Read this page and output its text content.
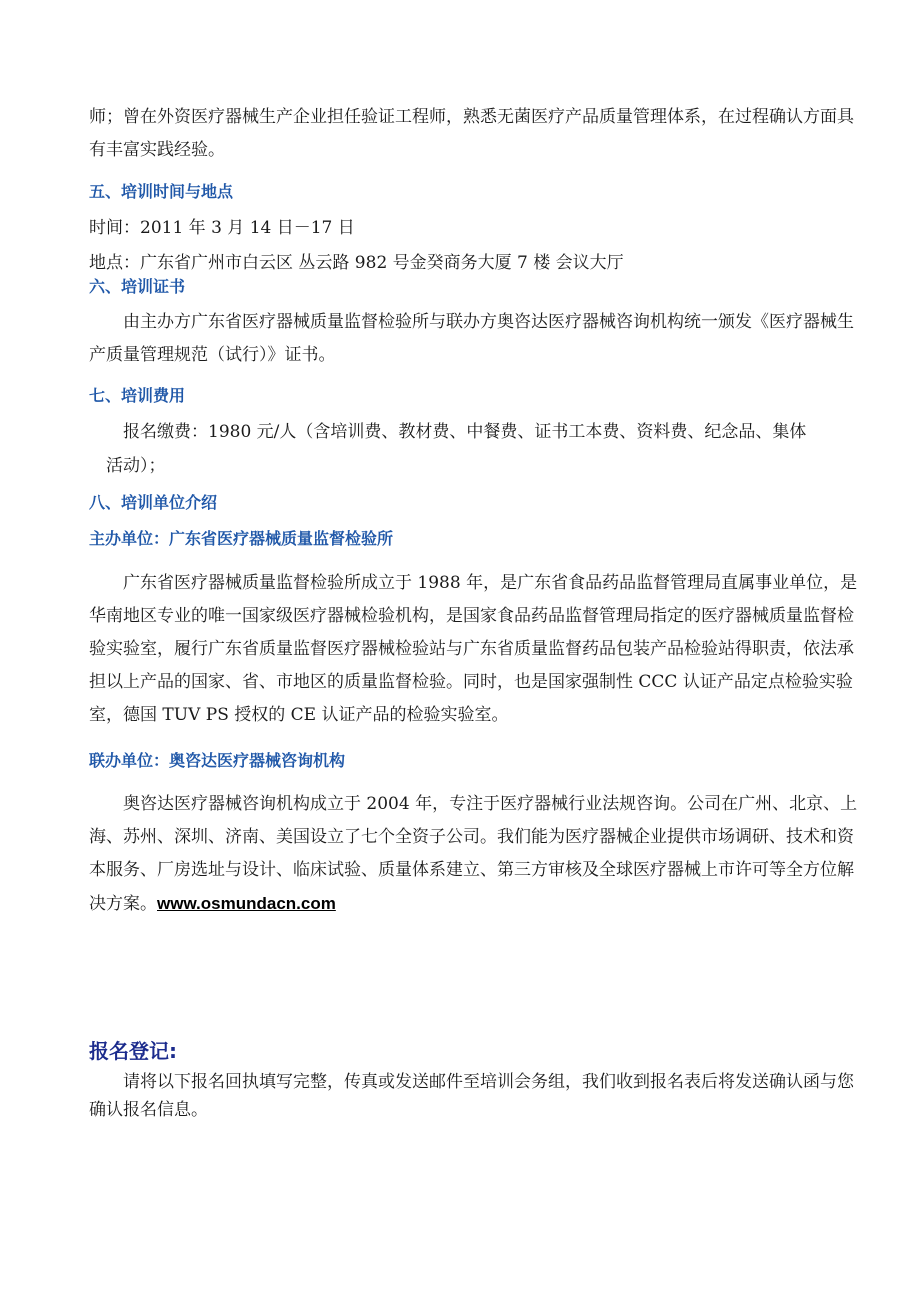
师；曾在外资医疗器械生产企业担任验证工程师，熟悉无菌医疗产品质量管理体系，在过程确认方面具有丰富实践经验。

五、培训时间与地点

时间：2011 年 3 月 14 日－17 日

地点：广东省广州市白云区 丛云路 982 号金癸商务大厦 7 楼 会议大厅

六、培训证书

由主办方广东省医疗器械质量监督检验所与联办方奥咨达医疗器械咨询机构统一颁发《医疗器械生产质量管理规范（试行）》证书。

七、培训费用

报名缴费：1980 元/人（含培训费、教材费、中餐费、证书工本费、资料费、纪念品、集体

活动）；

八、培训单位介绍

主办单位：广东省医疗器械质量监督检验所

广东省医疗器械质量监督检验所成立于 1988 年，是广东省食品药品监督管理局直属事业单位，是华南地区专业的唯一国家级医疗器械检验机构，是国家食品药品监督管理局指定的医疗器械质量监督检验实验室，履行广东省质量监督医疗器械检验站与广东省质量监督药品包装产品检验站得职责，依法承担以上产品的国家、省、市地区的质量监督检验。同时，也是国家强制性 CCC 认证产品定点检验实验室，德国 TUV PS 授权的 CE 认证产品的检验实验室。

联办单位：奥咨达医疗器械咨询机构

奥咨达医疗器械咨询机构成立于 2004 年，专注于医疗器械行业法规咨询。公司在广州、北京、上海、苏州、深圳、济南、美国设立了七个全资子公司。我们能为医疗器械企业提供市场调研、技术和资本服务、厂房选址与设计、临床试验、质量体系建立、第三方审核及全球医疗器械上市许可等全方位解决方案。www.osmundacn.com

报名登记:

请将以下报名回执填写完整，传真或发送邮件至培训会务组，我们收到报名表后将发送确认函与您确认报名信息。
